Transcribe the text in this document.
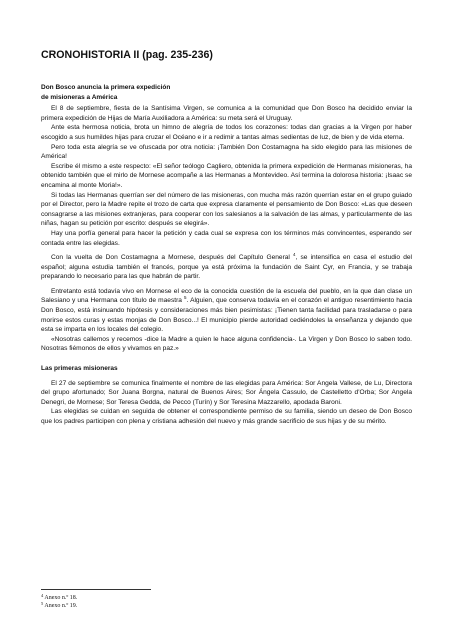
CRONOHISTORIA II (pag. 235-236)
Don Bosco anuncia la primera expedición
de misioneras a América

El 8 de septiembre, fiesta de la Santísima Virgen, se comunica a la comunidad que Don Bosco ha decidido enviar la primera expedición de Hijas de María Auxiliadora a América: su meta será el Uruguay.

Ante esta hermosa noticia, brota un himno de alegría de todos los corazones: todas dan gracias a la Virgen por haber escogido a sus humildes hijas para cruzar el Océano e ir a redimir a tantas almas sedientas de luz, de bien y de vida eterna.

Pero toda esta alegría se ve ofuscada por otra noticia: ¡También Don Costamagna ha sido elegido para las misiones de América!

Escribe él mismo a este respecto: «El señor teólogo Cagliero, obtenida la primera expedición de Hermanas misioneras, ha obtenido también que el mirlo de Mornese acompañe a las Hermanas a Montevideo. Así termina la dolorosa historia: ¡Isaac se encamina al monte Moria!».

Si todas las Hermanas querrían ser del número de las misioneras, con mucha más razón querrían estar en el grupo guiado por el Director, pero la Madre repite el trozo de carta que expresa claramente el pensamiento de Don Bosco: «Las que deseen consagrarse a las misiones extranjeras, para cooperar con los salesianos a la salvación de las almas, y particularmente de las niñas, hagan su petición por escrito: después se elegirá».

Hay una porfía general para hacer la petición y cada cual se expresa con los términos más convincentes, esperando ser contada entre las elegidas.

Con la vuelta de Don Costamagna a Mornese, después del Capítulo General $^4$, se intensifica en casa el estudio del español; alguna estudia también el francés, porque ya está próxima la fundación de Saint Cyr, en Francia, y se trabaja preparando lo necesario para las que habrán de partir.

Entretanto está todavía vivo en Mornese el eco de la conocida cuestión de la escuela del pueblo, en la que dan clase un Salesiano y una Hermana con título de maestra $^5$. Alguien, que conserva todavía en el corazón el antiguo resentimiento hacia Don Bosco, está insinuando hipótesis y consideraciones más bien pesimistas: ¡Tienen tanta facilidad para trasladarse o para morirse estos curas y estas monjas de Don Bosco...! El municipio pierde autoridad cediéndoles la enseñanza y dejando que esta se imparta en los locales del colegio.

«Nosotras callemos y recemos -dice la Madre a quien le hace alguna confidencia-. La Virgen y Don Bosco lo saben todo. Nosotras fiémonos de ellos y vivamos en paz.»

Las primeras misioneras

El 27 de septiembre se comunica finalmente el nombre de las elegidas para América: Sor Angela Vallese, de Lu, Directora del grupo afortunado; Sor Juana Borgna, natural de Buenos Aires; Sor Ángela Cassulo, de Castelletto d'Orba; Sor Angela Denegri, de Mornese; Sor Teresa Gedda, de Pecco (Turín) y Sor Teresina Mazzarello, apodada Baroni.

Las elegidas se cuidan en seguida de obtener el correspondiente permiso de su familia, siendo un deseo de Don Bosco que los padres participen con plena y cristiana adhesión del nuevo y más grande sacrificio de sus hijas y de su mérito.

$^4$ Anexo n.º 18.
$^5$ Anexo n.º 19.
